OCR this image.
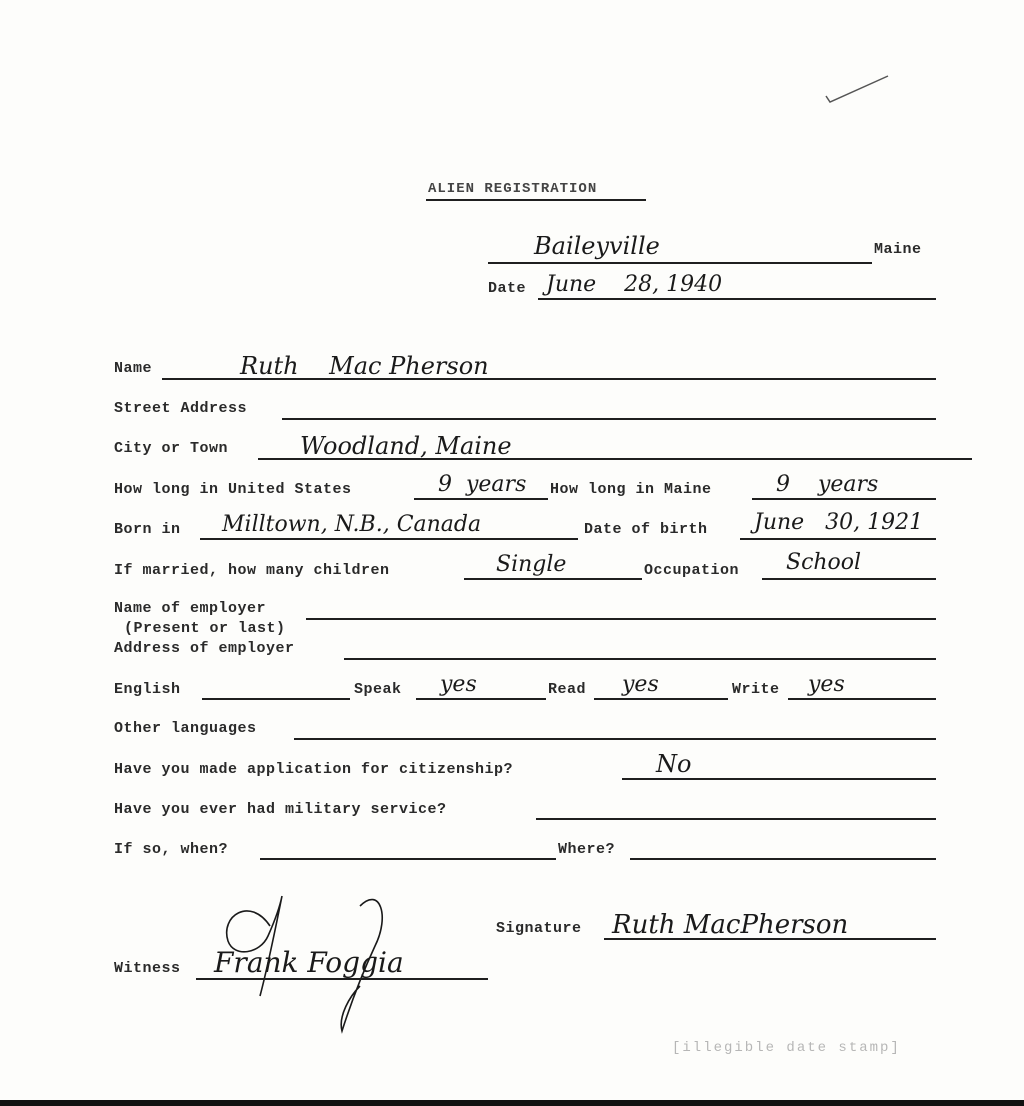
ALIEN REGISTRATION
Baileyville	Maine
Date June    28, 1940
Name	Ruth    Mac Pherson
Street Address
City or Town	Woodland, Maine
How long in United States	9  years How long in Maine	9    years
Born in Milltown, N.B., Canada	Date of birth June   30, 1921
If married, how many children	Single	Occupation School
Name of employer
(Present or last)
Address of employer
English	Speak yes	Read yes	Write yes
Other languages
Have you made application for citizenship?	No
Have you ever had military service?
If so, when?	Where?
Signature Ruth MacPherson
Witness Frank Foggia
[illegible date stamp]
